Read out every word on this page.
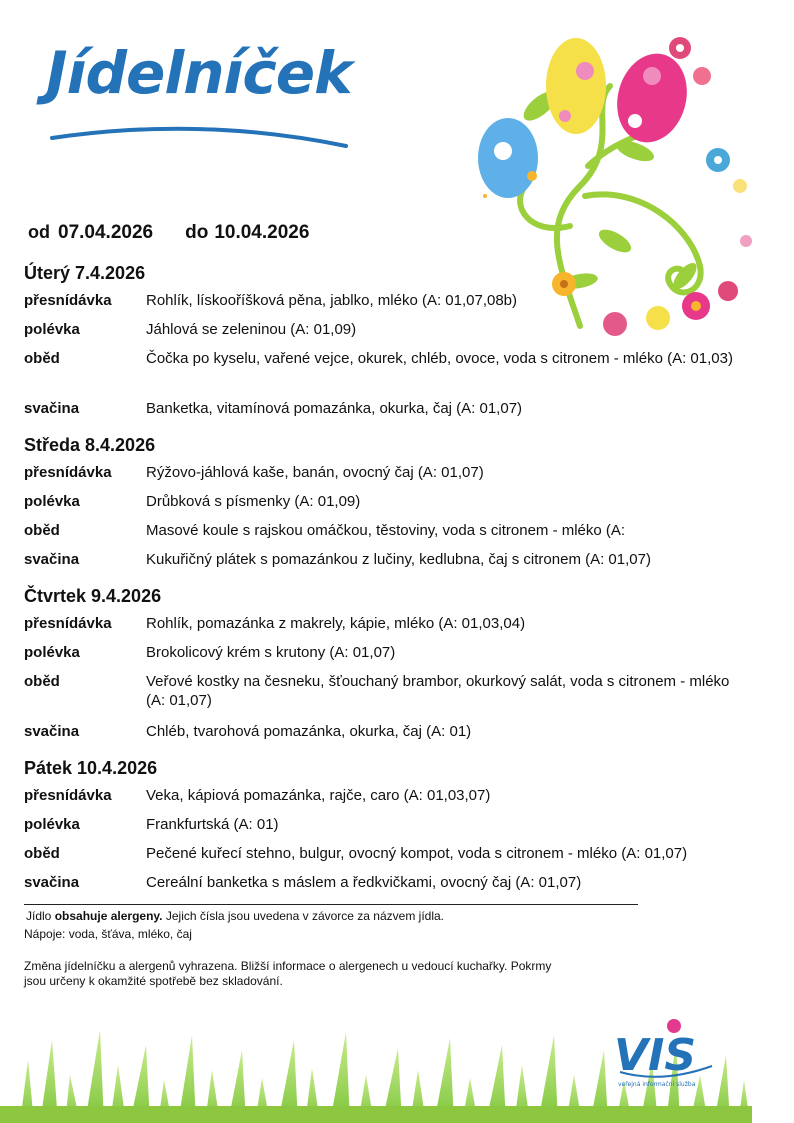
Jídelníček
od 07.04.2026 do 10.04.2026
Úterý 7.4.2026
přesnídávka Rohlík, lískooříšková pěna, jablko, mléko (A: 01,07,08b)
polévka	Jáhlová se zeleninou (A: 01,09)
oběd	Čočka po kyselu, vařené vejce, okurek, chléb, ovoce, voda s citronem - mléko (A: 01,03)
svačina	Banketka, vitamínová pomazánka, okurka, čaj (A: 01,07)
Středa 8.4.2026
přesnídávka Rýžovo-jáhlová kaše, banán, ovocný čaj (A: 01,07)
polévka	Drůbková s písmenky (A: 01,09)
oběd	Masové koule s rajskou omáčkou, těstoviny, voda s citronem - mléko (A:
svačina	Kukuřičný plátek s pomazánkou z lučiny, kedlubna, čaj s citronem (A: 01,07)
Čtvrtek 9.4.2026
přesnídávka Rohlík, pomazánka z makrely, kápie, mléko (A: 01,03,04)
polévka	Brokolicový krém s krutony (A: 01,07)
oběd	Veřové kostky na česneku, šťouchaný brambor, okurkový salát, voda s citronem - mléko (A: 01,07)
svačina	Chléb, tvarohová pomazánka, okurka, čaj (A: 01)
Pátek 10.4.2026
přesnídávka Veka, kápiová pomazánka, rajče, caro (A: 01,03,07)
polévka	Frankfurtská (A: 01)
oběd	Pečené kuřecí stehno, bulgur, ovocný kompot, voda s citronem - mléko (A: 01,07)
svačina	Cereální banketka s máslem a ředkvičkami, ovocný čaj (A: 01,07)
Jídlo obsahuje alergeny. Jejich čísla jsou uvedena v závorce za názvem jídla.
Nápoje: voda, šťáva, mléko, čaj
Změna jídelníčku a alergenů vyhrazena. Bližší informace o alergenech u vedoucí kuchařky. Pokrmy
jsou určeny k okamžité spotřebě bez skladování.
VIS
veřejná informační služba
